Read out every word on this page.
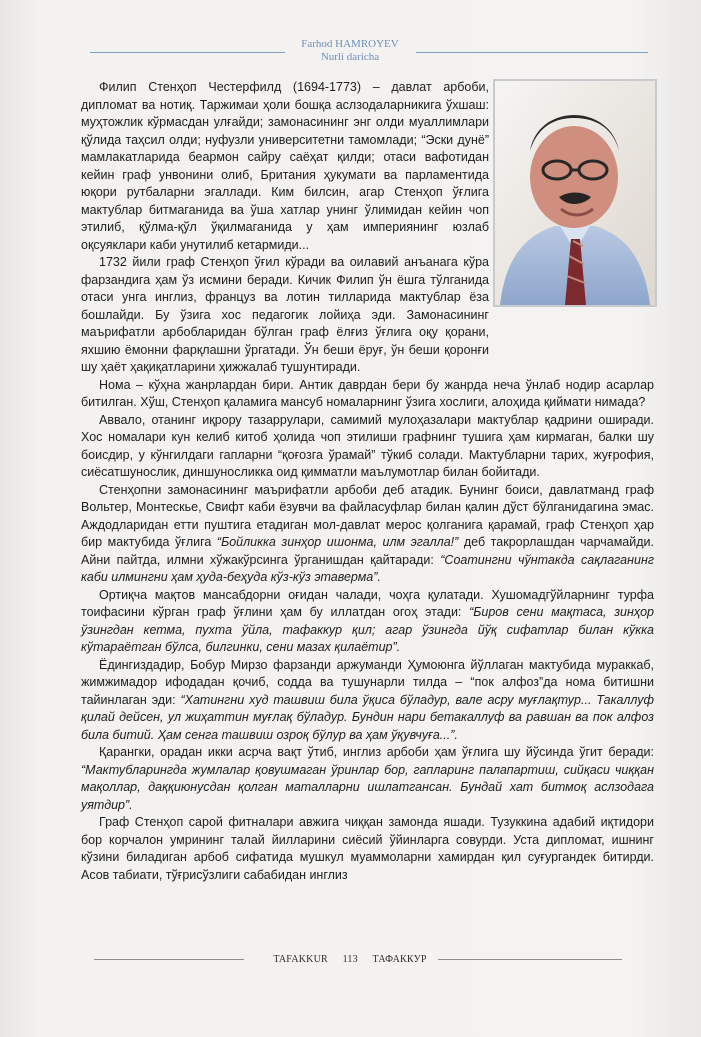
Farhod HAMROYEV
Nurli daricha

Филип Стенҳоп Честерфилд (1694-1773) – давлат арбоби, дипломат ва нотиқ. Таржимаи ҳоли бошқа аслзодаларникига ўхшаш: муҳтожлик кўрмасдан улғайди; замонасининг энг олди муаллимлари қўлида таҳсил олди; нуфузли университетни тамомлади; “Эски дунё” мамлакатларида беармон сайру саёҳат қилди; отаси вафотидан кейин граф унвонини олиб, Британия ҳукумати ва парламентида юқори рутбаларни эгаллади. Ким билсин, агар Стенҳоп ўғлига мактублар битмаганида ва ўша хатлар унинг ўлимидан кейин чоп этилиб, қўлма-қўл ўқилмаганида у ҳам империянинг юзлаб оқсуяклари каби унутилиб кетармиди...

1732 йили граф Стенҳоп ўғил кўради ва оилавий анъанага кўра фарзандига ҳам ўз исмини беради. Кичик Филип ўн ёшга тўлганида отаси унга инглиз, француз ва лотин тилларида мактублар ёза бошлайди. Бу ўзига хос педагогик лойиҳа эди. Замонасининг маърифатли арбобларидан бўлган граф ёлғиз ўғлига оқу қорани, яхшию ёмонни фарқлашни ўргатади. Ўн беши ёруғ, ўн беши қоронғи шу ҳаёт ҳақиқатларини ҳижжалаб тушунтиради.

Нома – кўҳна жанрлардан бири. Антик даврдан бери бу жанрда неча ўнлаб нодир асарлар битилган. Хўш, Стенҳоп қаламига мансуб номаларнинг ўзига хослиги, алоҳида қиймати нимада?

Аввало, отанинг иқрору тазаррулари, самимий мулоҳазалари мактублар қадрини оширади. Хос номалари кун келиб китоб ҳолида чоп этилиши графнинг тушига ҳам кирмаган, балки шу боисдир, у кўнгилдаги гапларни “қоғозга ўрамай” тўкиб солади. Мактубларни тарих, жуғрофия, сиёсатшунослик, диншуносликка оид қимматли маълумотлар билан бойитади.

Стенҳопни замонасининг маърифатли арбоби деб атадик. Бунинг боиси, давлатманд граф Вольтер, Монтескье, Свифт каби ёзувчи ва файласуфлар билан қалин дўст бўлганидагина эмас. Аждодларидан етти пуштига етадиган мол-давлат мерос қолганига қарамай, граф Стенҳоп ҳар бир мактубида ўғлига “Бойликка зинҳор ишонма, илм эгалла!” деб такрорлашдан чарчамайди. Айни пайтда, илмни хўжакўрсинга ўрганишдан қайтаради: “Соатингни чўнтакда сақлаганинг каби илмингни ҳам ҳуда-беҳуда кўз-кўз этаверма”.

Ортиқча мақтов мансабдорни оғидан чалади, чоҳга қулатади. Хушомадгўйларнинг турфа тоифасини кўрган граф ўғлини ҳам бу иллатдан огоҳ этади: “Биров сени мақтаса, зинҳор ўзингдан кетма, пухта ўйла, тафаккур қил; агар ўзингда йўқ сифатлар билан кўкка кўтараётган бўлса, билгинки, сени мазах қилаётир”.

Ёдингиздадир, Бобур Мирзо фарзанди аржуманди Ҳумоюнга йўллаган мактубида мураккаб, жимжимадор ифодадан қочиб, содда ва тушунарли тилда – “пок алфоз”да нома битишни тайинлаган эди: “Хатингни худ ташвиш била ўқиса бўладур, вале асру муғлақтур... Такаллуф қилай дейсен, ул жиҳаттин муғлақ бўладур. Бундин нари бетакаллуф ва равшан ва пок алфоз била битий. Ҳам сенга ташвиш озроқ бўлур ва ҳам ўқувчуға...”.

Қарангки, орадан икки асрча вақт ўтиб, инглиз арбоби ҳам ўғлига шу йўсинда ўгит беради: “Мактубларингда жумлалар қовушмаган ўринлар бор, гапларинг палапартиш, сийқаси чиққан мақоллар, даққиюнусдан қолган маталларни ишлатгансан. Бундай хат битмоқ аслзодага уятдир”.

Граф Стенҳоп сарой фитналари авжига чиққан замонда яшади. Тузуккина адабий иқтидори бор корчалон умрининг талай йилларини сиёсий ўйинларга совурди. Уста дипломат, ишнинг кўзини биладиган арбоб сифатида мушкул муаммоларни хамирдан қил суғургандек битирди. Асов табиати, тўғрисўзлиги сабабидан инглиз

TAFAKKUR 113 ТАФАККУР
